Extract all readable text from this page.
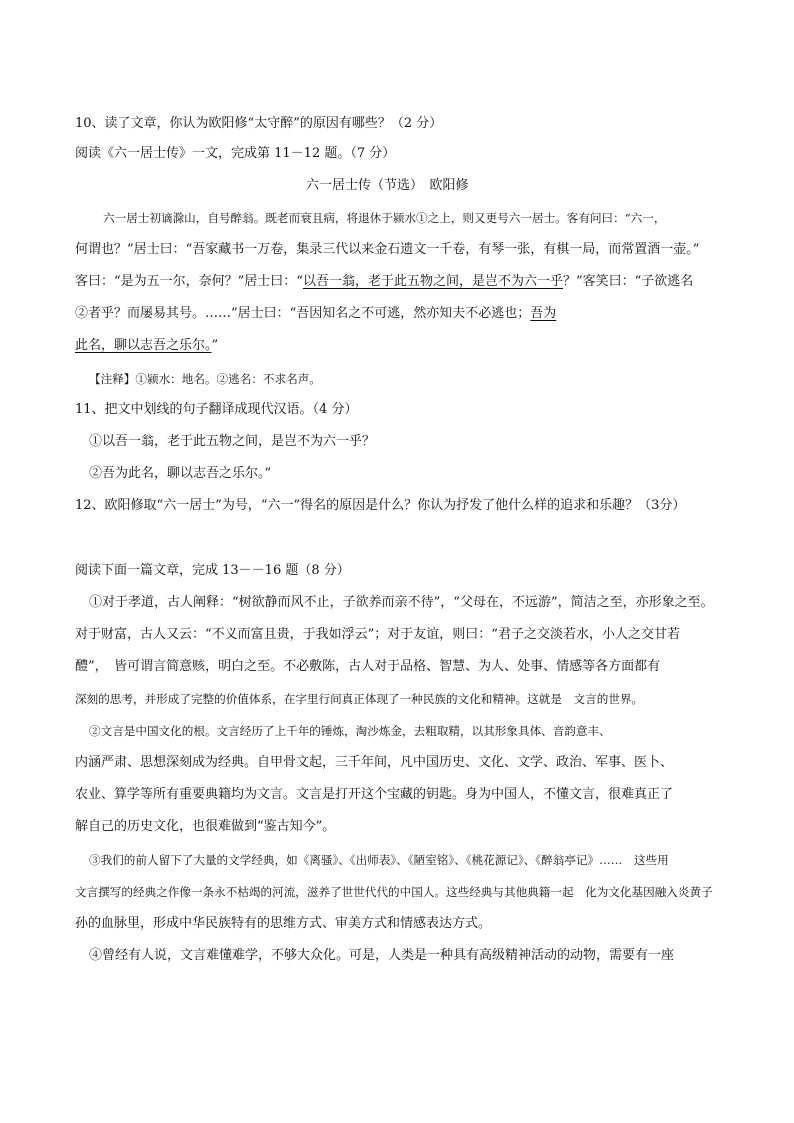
10、读了文章，你认为欧阳修“太守醉”的原因有哪些？（2 分）
阅读《六一居士传》一文，完成第 11－12 题。（7 分）
六一居士传（节选）　欧阳修
六一居士初谪滁山，自号醉翁。既老而衰且病，将退休于颍水①之上，则又更号六一居士。客有问曰：“六一，
何谓也？”居士曰：“吾家藏书一万卷，集录三代以来金石遗文一千卷，有琴一张，有棋一局，而常置酒一壶。”
客曰：“是为五一尔，奈何？”居士曰：“以吾一翁，老于此五物之间，是岂不为六一乎？”客笑曰：“子欲逃名
②者乎？而屡易其号。……”居士曰：“吾因知名之不可逃，然亦知夫不必逃也；吾为
此名，聊以志吾之乐尔。”
【注释】①颍水：地名。②逃名：不求名声。
11、把文中划线的句子翻译成现代汉语。（4 分）
①以吾一翁，老于此五物之间，是岂不为六一乎？
②吾为此名，聊以志吾之乐尔。”
12、欧阳修取“六一居士”为号，“六一”得名的原因是什么？你认为抒发了他什么样的追求和乐趣？（3分）
阅读下面一篇文章，完成 13－－16 题（8 分）
①对于孝道，古人阐释：“树欲静而风不止，子欲养而亲不待”，“父母在，不远游”，简洁之至，亦形象之至。
对于财富，古人又云：“不义而富且贵，于我如浮云”；对于友谊，则曰：“君子之交淡若水，小人之交甘若
醴”，　皆可谓言简意赅，明白之至。不必敷陈，古人对于品格、智慧、为人、处事、情感等各方面都有
深刻的思考，并形成了完整的价值体系，在字里行间真正体现了一种民族的文化和精神。这就是　文言的世界。
②文言是中国文化的根。文言经历了上千年的锤炼，淘沙炼金，去粗取精，以其形象具体、音韵意丰、
内涵严肃、思想深刻成为经典。自甲骨文起，三千年间，凡中国历史、文化、文学、政治、军事、医卜、
农业、算学等所有重要典籍均为文言。文言是打开这个宝藏的钥匙。身为中国人，不懂文言，很难真正了
解自己的历史文化，也很难做到“鉴古知今”。
③我们的前人留下了大量的文学经典，如《离骚》、《出师表》、《陋室铭》、《桃花源记》、《醉翁亭记》……　这些用
文言撰写的经典之作像一条永不枯竭的河流，滋养了世世代代的中国人。这些经典与其他典籍一起　化为文化基因融入炎黄子
孙的血脉里，形成中华民族特有的思维方式、审美方式和情感表达方式。
④曾经有人说，文言难懂难学，不够大众化。可是，人类是一种具有高级精神活动的动物，需要有一座
